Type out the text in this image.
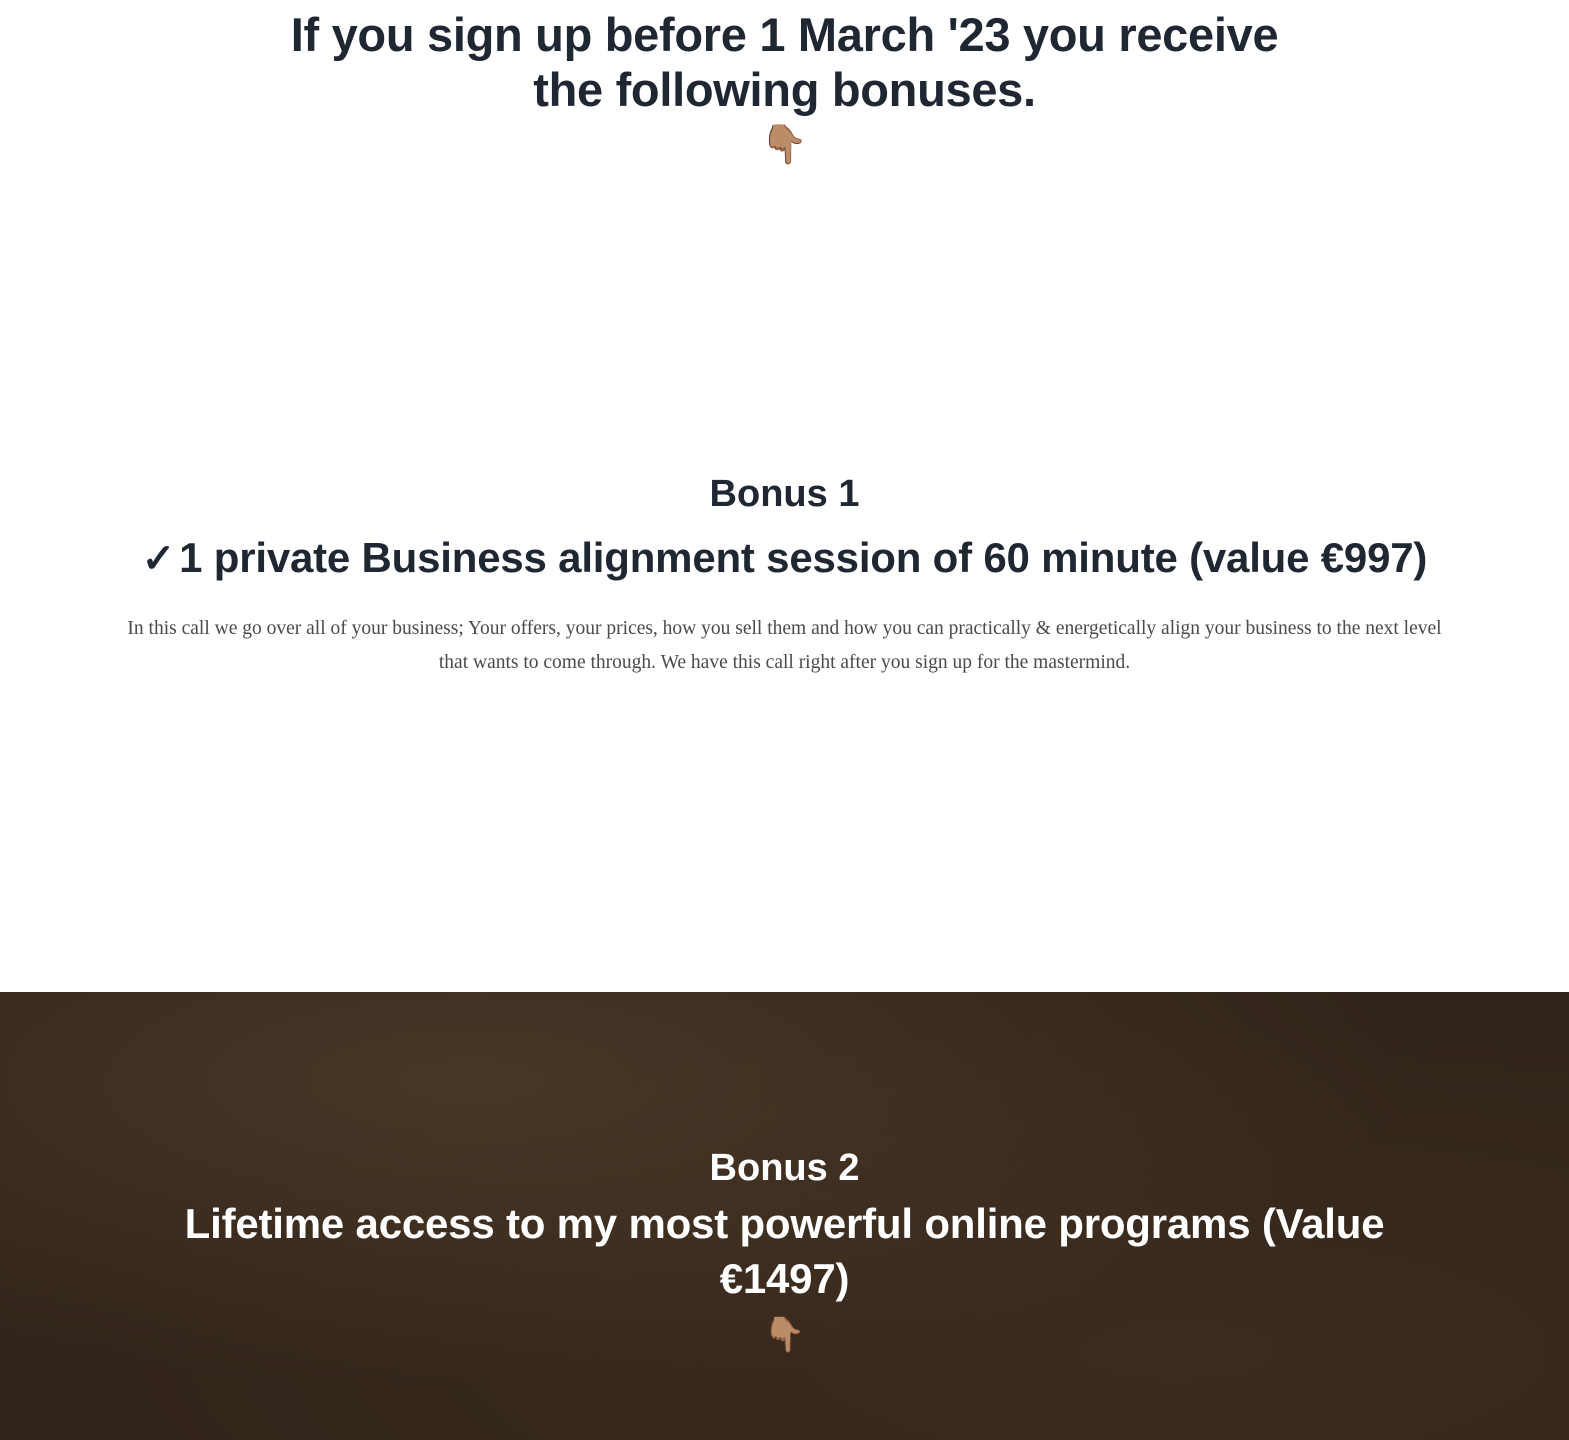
If you sign up before 1 March '23 you receive
the following bonuses.
👇🏽
Bonus 1
✓1 private Business alignment session of 60 minute (value €997)

In this call we go over all of your business; Your offers, your prices, how you sell them and how you can practically & energetically align your business to the next level that wants to come through. We have this call right after you sign up for the mastermind.

Bonus 2
Lifetime access to my most powerful online programs (Value €1497)
👇🏽
